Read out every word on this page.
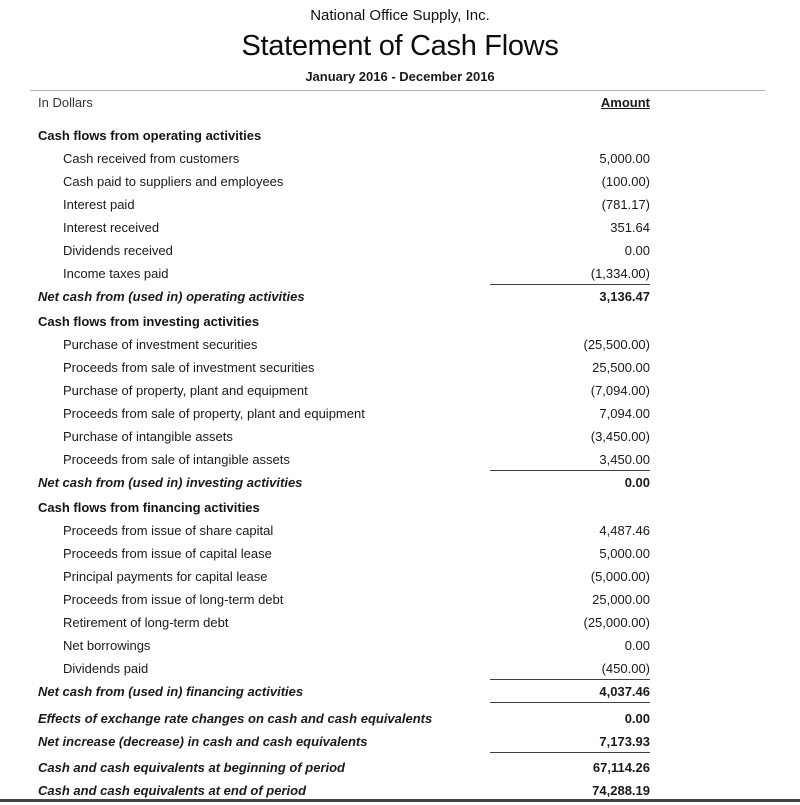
National Office Supply, Inc.
Statement of Cash Flows
January 2016 - December 2016
In Dollars	Amount
Cash flows from operating activities
Cash received from customers	5,000.00
Cash paid to suppliers and employees	(100.00)
Interest paid	(781.17)
Interest received	351.64
Dividends received	0.00
Income taxes paid	(1,334.00)
Net cash from (used in) operating activities	3,136.47
Cash flows from investing activities
Purchase of investment securities	(25,500.00)
Proceeds from sale of investment securities	25,500.00
Purchase of property, plant and equipment	(7,094.00)
Proceeds from sale of property, plant and equipment	7,094.00
Purchase of intangible assets	(3,450.00)
Proceeds from sale of intangible assets	3,450.00
Net cash from (used in) investing activities	0.00
Cash flows from financing activities
Proceeds from issue of share capital	4,487.46
Proceeds from issue of capital lease	5,000.00
Principal payments for capital lease	(5,000.00)
Proceeds from issue of long-term debt	25,000.00
Retirement of long-term debt	(25,000.00)
Net borrowings	0.00
Dividends paid	(450.00)
Net cash from (used in) financing activities	4,037.46
Effects of exchange rate changes on cash and cash equivalents	0.00
Net increase (decrease) in cash and cash equivalents	7,173.93
Cash and cash equivalents at beginning of period	67,114.26
Cash and cash equivalents at end of period	74,288.19
